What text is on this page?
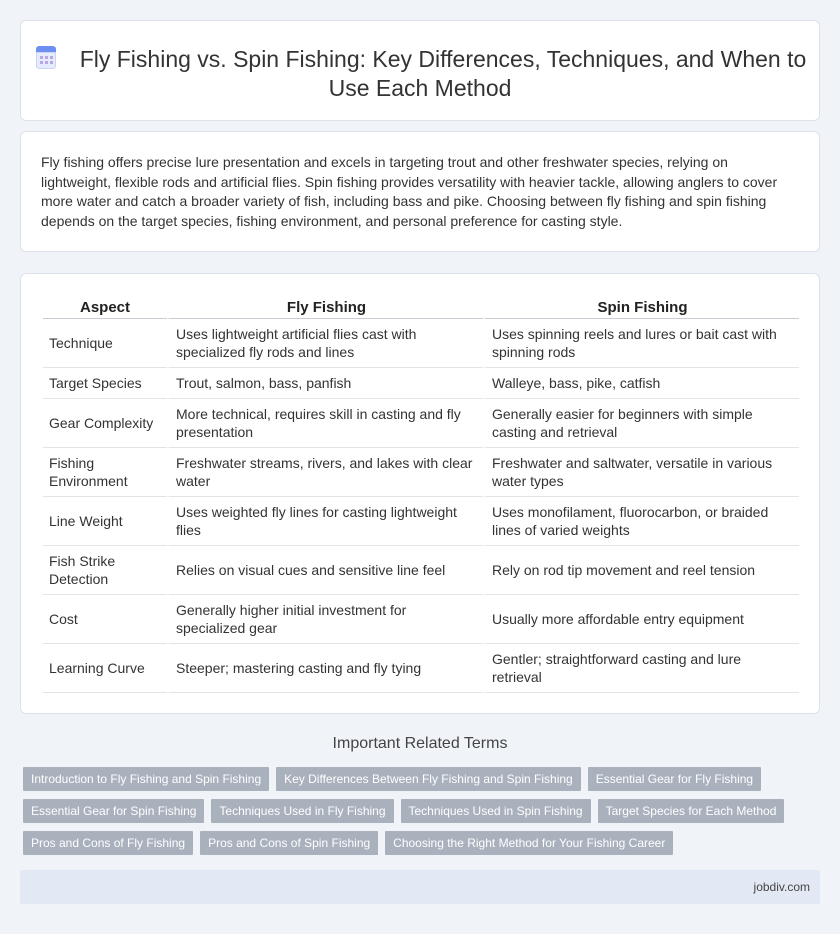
Fly Fishing vs. Spin Fishing: Key Differences, Techniques, and When to Use Each Method

Fly fishing offers precise lure presentation and excels in targeting trout and other freshwater species, relying on lightweight, flexible rods and artificial flies. Spin fishing provides versatility with heavier tackle, allowing anglers to cover more water and catch a broader variety of fish, including bass and pike. Choosing between fly fishing and spin fishing depends on the target species, fishing environment, and personal preference for casting style.

Aspect	Fly Fishing	Spin Fishing
Technique	Uses lightweight artificial flies cast with specialized fly rods and lines	Uses spinning reels and lures or bait cast with spinning rods
Target Species	Trout, salmon, bass, panfish	Walleye, bass, pike, catfish
Gear Complexity	More technical, requires skill in casting and fly presentation	Generally easier for beginners with simple casting and retrieval
Fishing Environment	Freshwater streams, rivers, and lakes with clear water	Freshwater and saltwater, versatile in various water types
Line Weight	Uses weighted fly lines for casting lightweight flies	Uses monofilament, fluorocarbon, or braided lines of varied weights
Fish Strike Detection	Relies on visual cues and sensitive line feel	Rely on rod tip movement and reel tension
Cost	Generally higher initial investment for specialized gear	Usually more affordable entry equipment
Learning Curve	Steeper; mastering casting and fly tying	Gentler; straightforward casting and lure retrieval
Important Related Terms
Introduction to Fly Fishing and Spin Fishing	Key Differences Between Fly Fishing and Spin Fishing	Essential Gear for Fly Fishing
Essential Gear for Spin Fishing	Techniques Used in Fly Fishing	Techniques Used in Spin Fishing	Target Species for Each Method
Pros and Cons of Fly Fishing	Pros and Cons of Spin Fishing	Choosing the Right Method for Your Fishing Career
jobdiv.com
